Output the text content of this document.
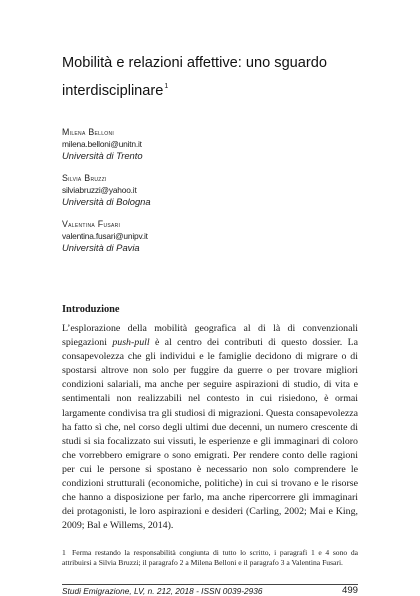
Mobilità e relazioni affettive: uno sguardo interdisciplinare$^1$
Milena Belloni
milena.belloni@unitn.it
Università di Trento
Silvia Bruzzi
silviabruzzi@yahoo.it
Università di Bologna
Valentina Fusari
valentina.fusari@unipv.it
Università di Pavia
Introduzione

L’esplorazione della mobilità geografica al di là di convenzionali spiegazioni push-pull è al centro dei contributi di questo dossier. La consapevolezza che gli individui e le famiglie decidono di migrare o di spostarsi altrove non solo per fuggire da guerre o per trovare migliori condizioni salariali, ma anche per seguire aspirazioni di studio, di vita e sentimentali non realizzabili nel contesto in cui risiedono, è ormai largamente condivisa tra gli studiosi di migrazioni. Questa consapevolezza ha fatto sì che, nel corso degli ultimi due decenni, un numero crescente di studi si sia focalizzato sui vissuti, le esperienze e gli immaginari di coloro che vorrebbero emigrare o sono emigrati. Per rendere conto delle ragioni per cui le persone si spostano è necessario non solo comprendere le condizioni strutturali (economiche, politiche) in cui si trovano e le risorse che hanno a disposizione per farlo, ma anche ripercorrere gli immaginari dei protagonisti, le loro aspirazioni e desideri (Carling, 2002; Mai e King, 2009; Bal e Willems, 2014).

1 Ferma restando la responsabilità congiunta di tutto lo scritto, i paragrafi 1 e 4 sono da attribuirsi a Silvia Bruzzi; il paragrafo 2 a Milena Belloni e il paragrafo 3 a Valentina Fusari.

Studi Emigrazione, LV, n. 212, 2018 - ISSN 0039-2936	499
